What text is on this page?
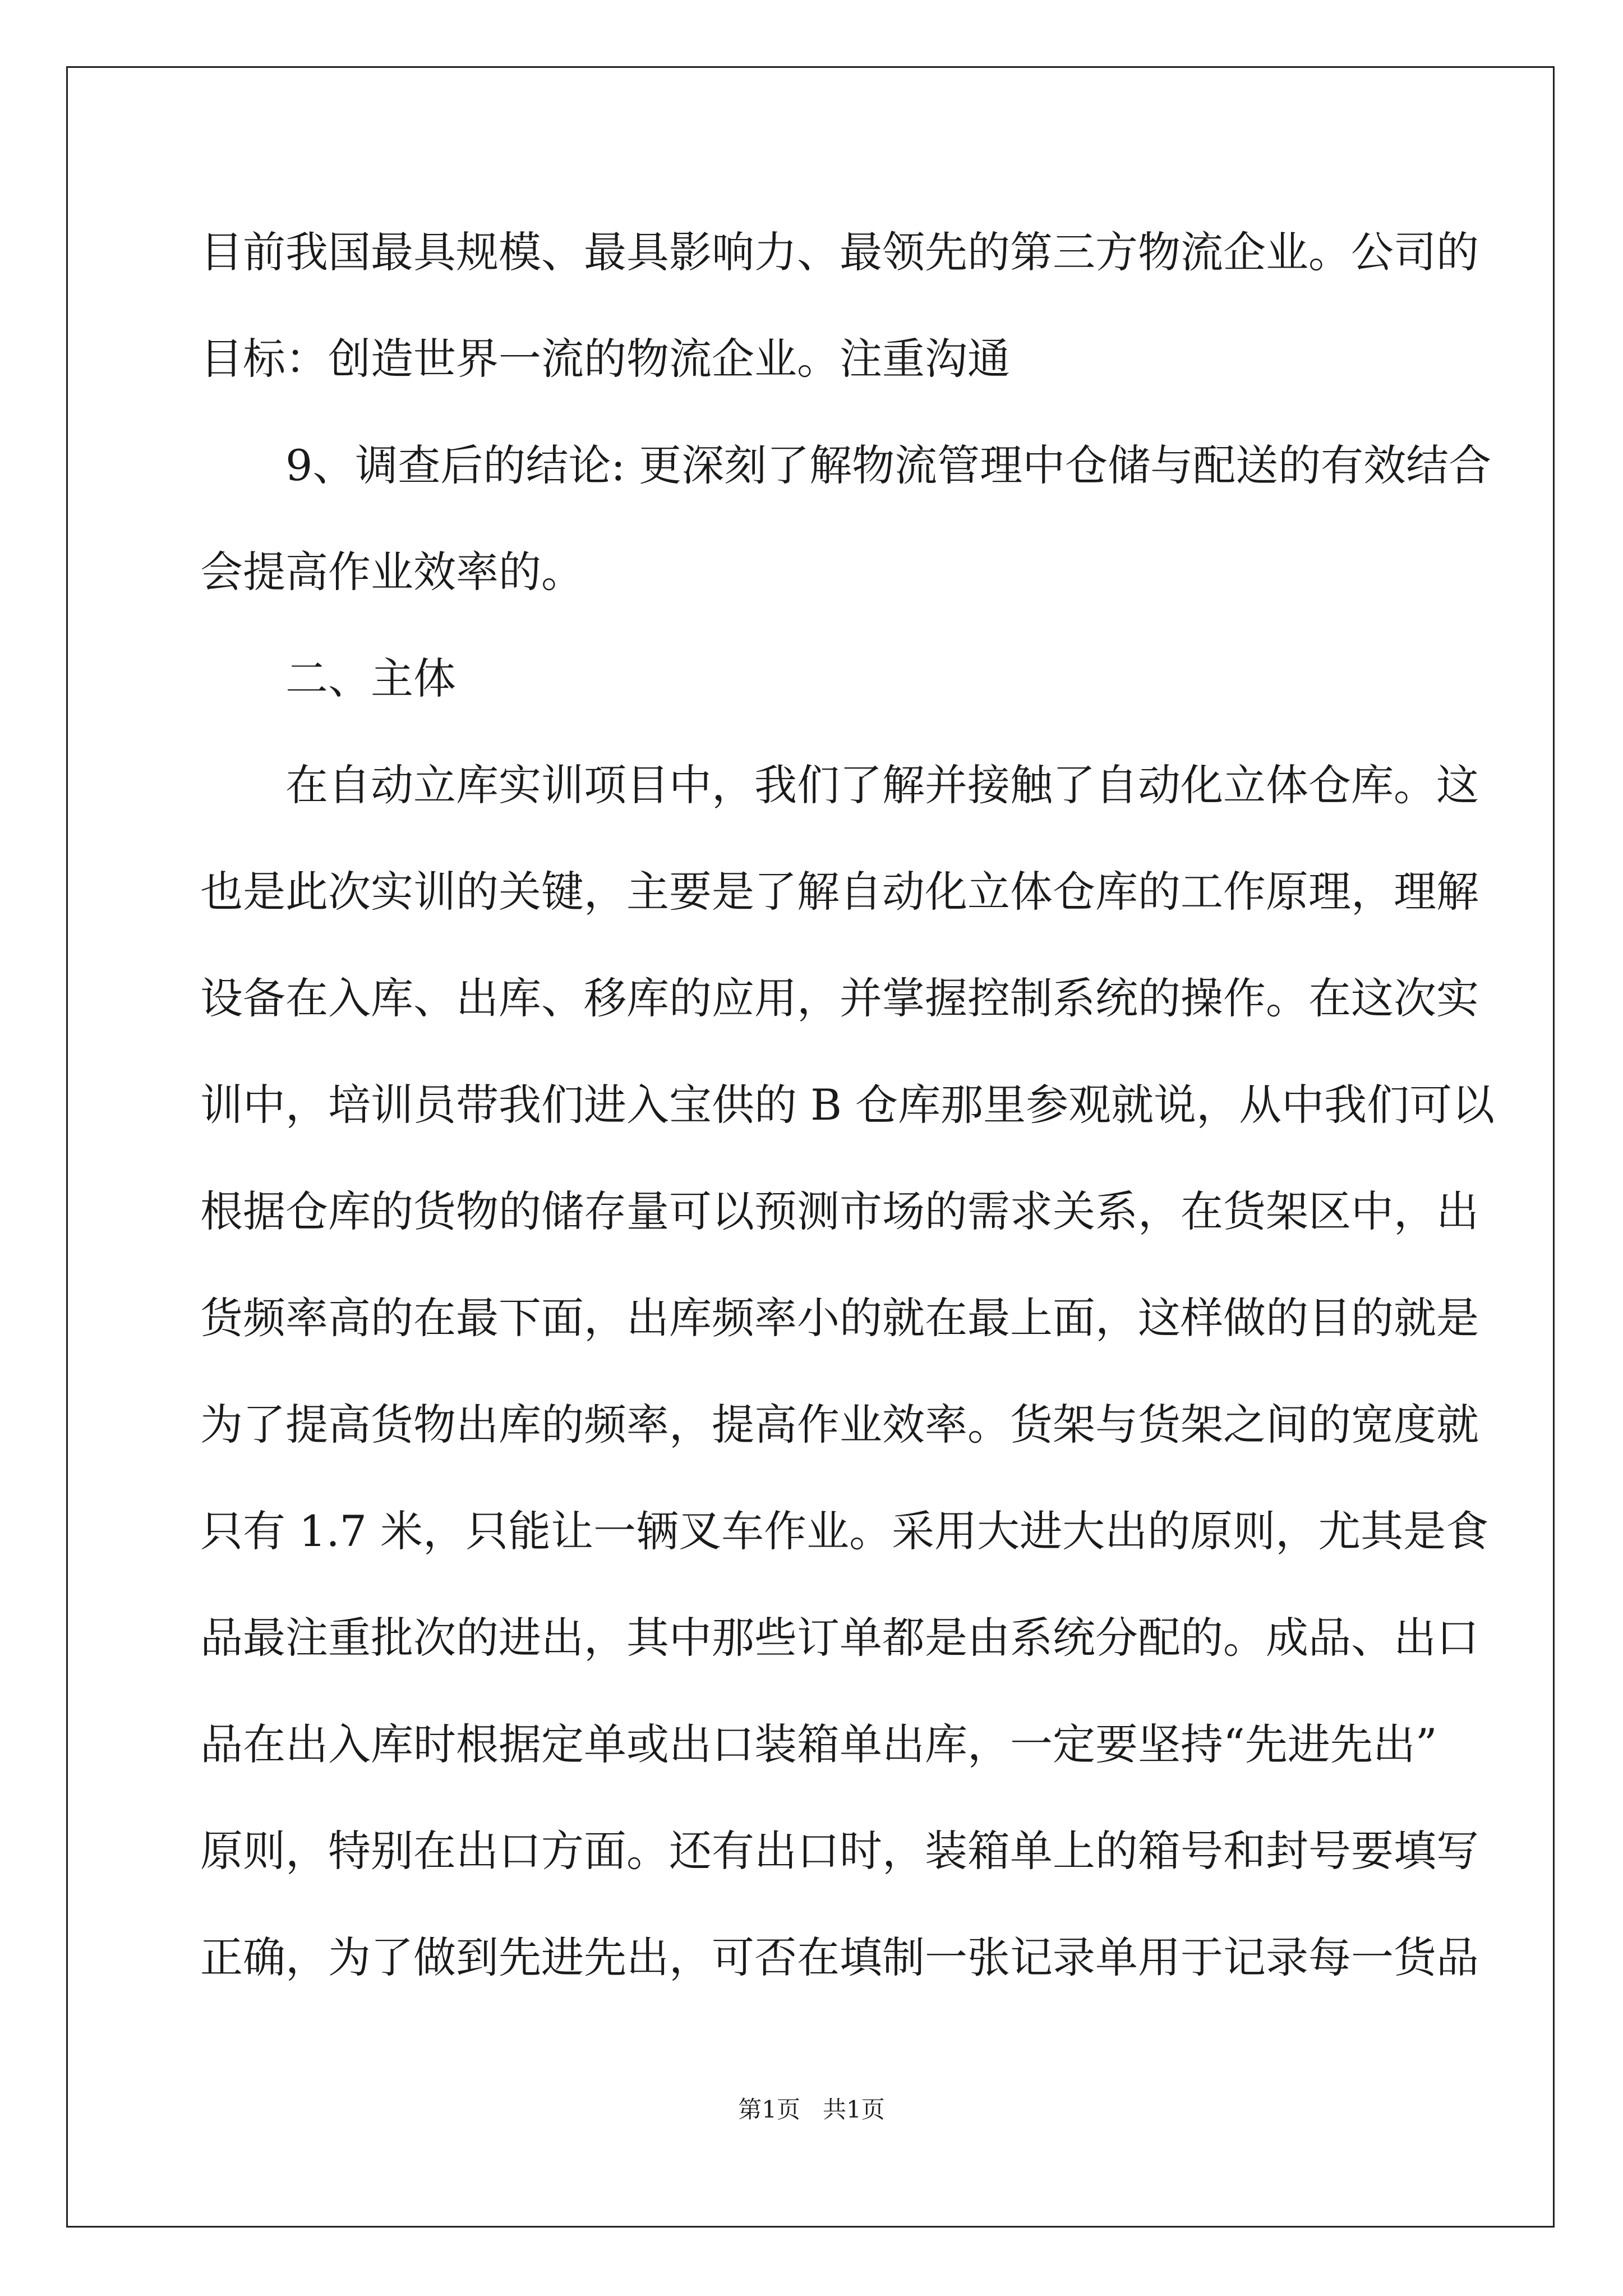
目前我国最具规模、最具影响力、最领先的第三方物流企业。公司的
目标：创造世界一流的物流企业。注重沟通
9、调查后的结论: 更深刻了解物流管理中仓储与配送的有效结合
会提高作业效率的。
二、主体
在自动立库实训项目中，我们了解并接触了自动化立体仓库。这
也是此次实训的关键，主要是了解自动化立体仓库的工作原理，理解
设备在入库、出库、移库的应用，并掌握控制系统的操作。在这次实
训中，培训员带我们进入宝供的 B 仓库那里参观就说，从中我们可以
根据仓库的货物的储存量可以预测市场的需求关系，在货架区中，出
货频率高的在最下面，出库频率小的就在最上面，这样做的目的就是
为了提高货物出库的频率，提高作业效率。货架与货架之间的宽度就
只有 1.7 米，只能让一辆叉车作业。采用大进大出的原则，尤其是食
品最注重批次的进出，其中那些订单都是由系统分配的。成品、出口
品在出入库时根据定单或出口装箱单出库，一定要坚持“先进先出”
原则，特别在出口方面。还有出口时，装箱单上的箱号和封号要填写
正确，为了做到先进先出，可否在填制一张记录单用于记录每一货品
第1页   共1页
